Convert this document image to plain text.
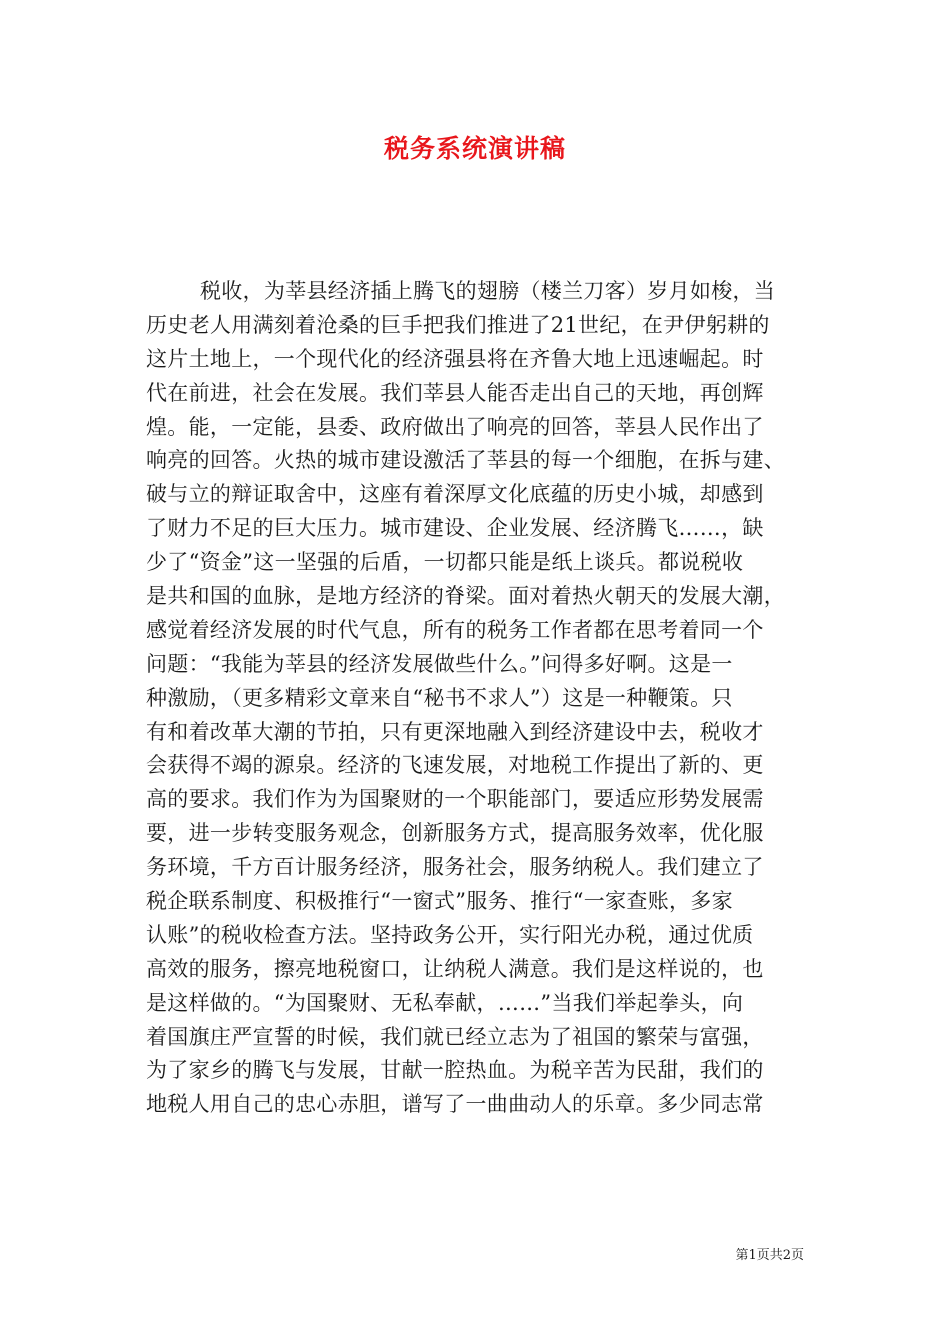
税务系统演讲稿
税收，为莘县经济插上腾飞的翅膀（楼兰刀客）岁月如梭，当
历史老人用满刻着沧桑的巨手把我们推进了21世纪，在尹伊躬耕的
这片土地上，一个现代化的经济强县将在齐鲁大地上迅速崛起。时
代在前进，社会在发展。我们莘县人能否走出自己的天地，再创辉
煌。能，一定能，县委、政府做出了响亮的回答，莘县人民作出了
响亮的回答。火热的城市建设激活了莘县的每一个细胞，在拆与建、
破与立的辩证取舍中，这座有着深厚文化底蕴的历史小城，却感到
了财力不足的巨大压力。城市建设、企业发展、经济腾飞……，缺
少了“资金”这一坚强的后盾，一切都只能是纸上谈兵。都说税收
是共和国的血脉，是地方经济的脊梁。面对着热火朝天的发展大潮，
感觉着经济发展的时代气息，所有的税务工作者都在思考着同一个
问题：“我能为莘县的经济发展做些什么。”问得多好啊。这是一
种激励，（更多精彩文章来自“秘书不求人”）这是一种鞭策。只
有和着改革大潮的节拍，只有更深地融入到经济建设中去，税收才
会获得不竭的源泉。经济的飞速发展，对地税工作提出了新的、更
高的要求。我们作为为国聚财的一个职能部门，要适应形势发展需
要，进一步转变服务观念，创新服务方式，提高服务效率，优化服
务环境，千方百计服务经济，服务社会，服务纳税人。我们建立了
税企联系制度、积极推行“一窗式”服务、推行“一家查账，多家
认账”的税收检查方法。坚持政务公开，实行阳光办税，通过优质
高效的服务，擦亮地税窗口，让纳税人满意。我们是这样说的，也
是这样做的。“为国聚财、无私奉献，……”当我们举起拳头，向
着国旗庄严宣誓的时候，我们就已经立志为了祖国的繁荣与富强，
为了家乡的腾飞与发展，甘献一腔热血。为税辛苦为民甜，我们的
地税人用自己的忠心赤胆，谱写了一曲曲动人的乐章。多少同志常
第1页共2页
